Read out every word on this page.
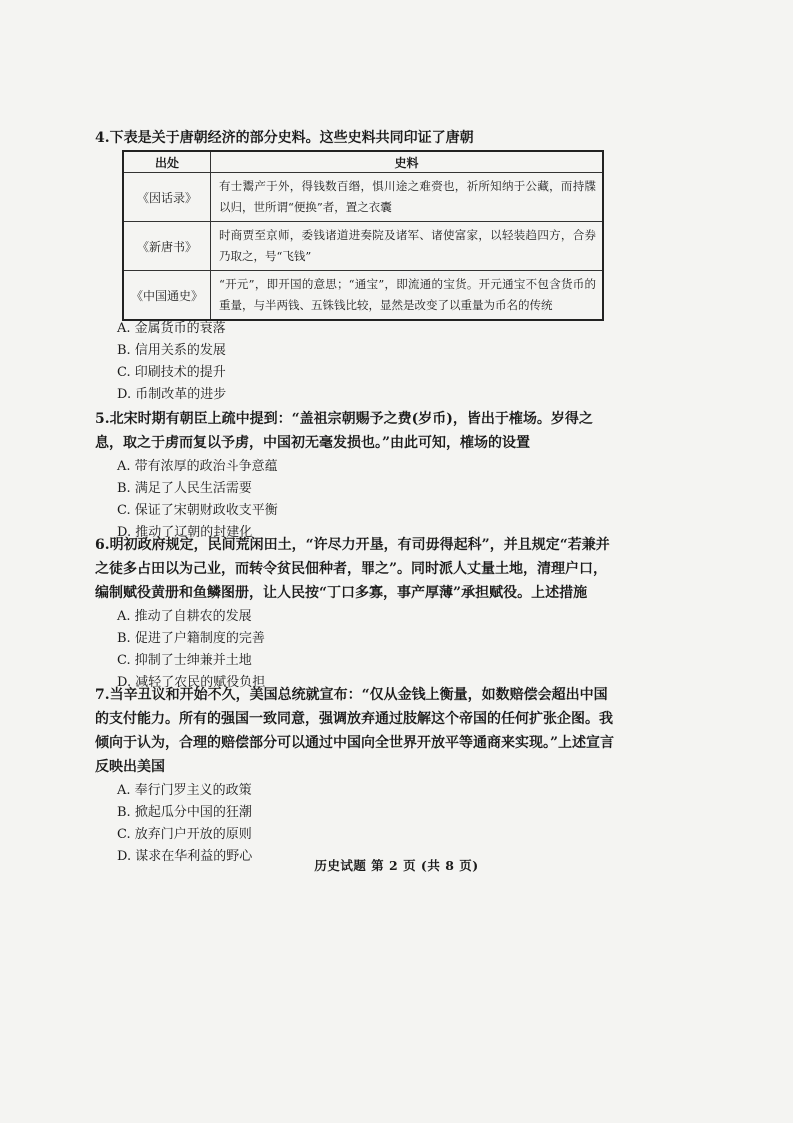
4.下表是关于唐朝经济的部分史料。这些史料共同印证了唐朝

出处	史料
《因话录》	有士鬻产于外，得钱数百缗，惧川途之难赍也，祈所知纳于公藏，而持牒以归，世所谓“便换”者，置之衣囊
《新唐书》	时商贾至京师，委钱诸道进奏院及诸军、诸使富家，以轻装趋四方，合券乃取之，号“飞钱”
《中国通史》	“开元”，即开国的意思；“通宝”，即流通的宝货。开元通宝不包含货币的重量，与半两钱、五铢钱比较，显然是改变了以重量为币名的传统

A. 金属货币的衰落

B. 信用关系的发展

C. 印刷技术的提升

D. 币制改革的进步

5.北宋时期有朝臣上疏中提到：“盖祖宗朝赐予之费(岁币)，皆出于榷场。岁得之息，取之于虏而复以予虏，中国初无毫发损也。”由此可知，榷场的设置

A. 带有浓厚的政治斗争意蕴

B. 满足了人民生活需要

C. 保证了宋朝财政收支平衡

D. 推动了辽朝的封建化

6.明初政府规定，民间荒闲田土，“许尽力开垦，有司毋得起科”，并且规定“若兼并之徒多占田以为己业，而转令贫民佃种者，罪之”。同时派人丈量土地，清理户口，编制赋役黄册和鱼鳞图册，让人民按“丁口多寡，事产厚薄”承担赋役。上述措施

A. 推动了自耕农的发展

B. 促进了户籍制度的完善

C. 抑制了士绅兼并土地

D. 减轻了农民的赋役负担

7.当辛丑议和开始不久，美国总统就宣布：“仅从金钱上衡量，如数赔偿会超出中国的支付能力。所有的强国一致同意，强调放弃通过肢解这个帝国的任何扩张企图。我倾向于认为，合理的赔偿部分可以通过中国向全世界开放平等通商来实现。”上述宣言反映出美国

A. 奉行门罗主义的政策

B. 掀起瓜分中国的狂潮

C. 放弃门户开放的原则

D. 谋求在华利益的野心

历史试题 第 2 页 (共 8 页)
